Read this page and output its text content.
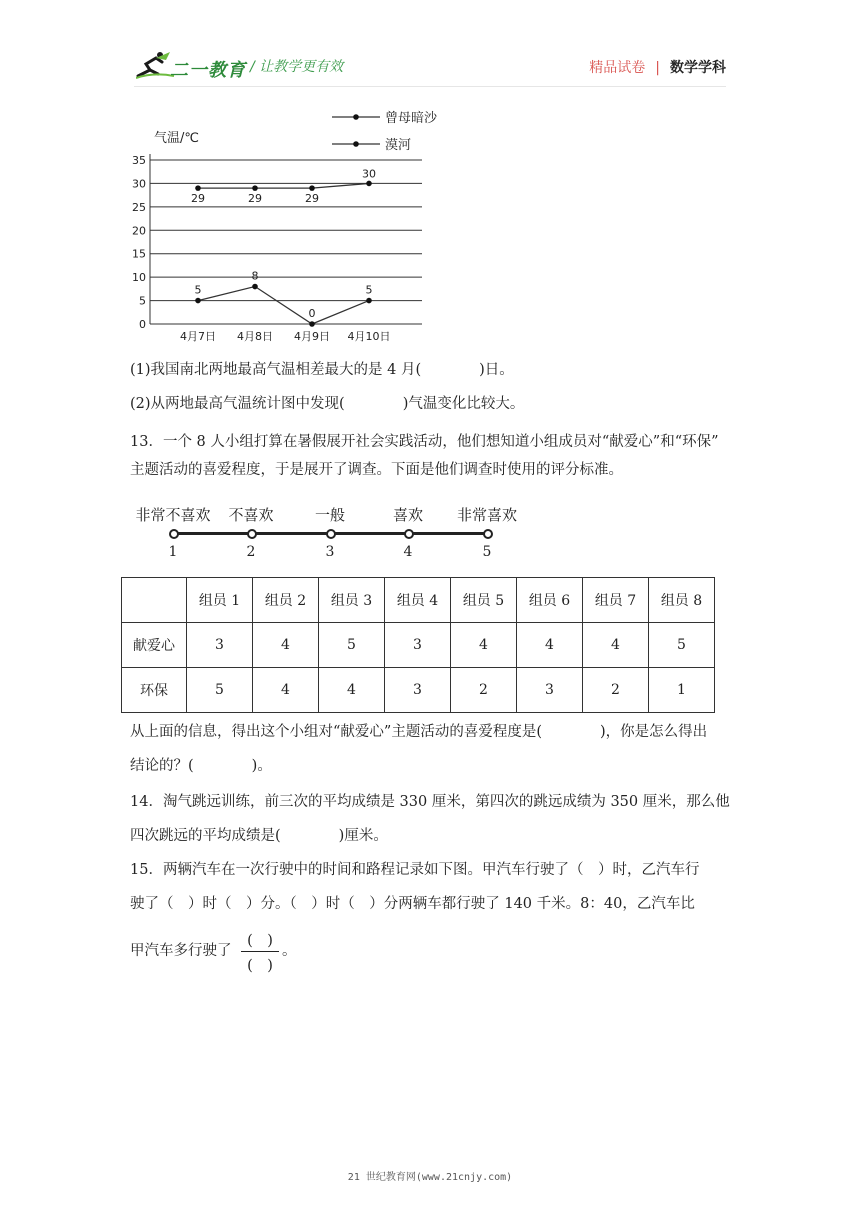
二一教育 / 让教学更有效	精品试卷 | 数学学科
0
5
10
15
20
25
30
35
4月7日 4月8日 4月9日 4月10日
29	29	29
30
5
8
0
5
曾母暗沙
漠河
气温/℃
(1)我国南北两地最高气温相差最大的是 4 月(	)日。
(2)从两地最高气温统计图中发现(	)气温变化比较大。
13．一个 8 人小组打算在暑假展开社会实践活动，他们想知道小组成员对“献爱心”和“环保”
主题活动的喜爱程度，于是展开了调查。下面是他们调查时使用的评分标准。
非常不喜欢
1
不喜欢
2
一般
3
喜欢
4
非常喜欢
5
	组员 1	组员 2	组员 3	组员 4	组员 5	组员 6	组员 7	组员 8
献爱心	3	4	5	3	4	4	4	5
环保	5	4	4	3	2	3	2	1
从上面的信息，得出这个小组对“献爱心”主题活动的喜爱程度是(	)，你是怎么得出
结论的？(	)。
14．淘气跳远训练，前三次的平均成绩是 330 厘米，第四次的跳远成绩为 350 厘米，那么他
四次跳远的平均成绩是(	)厘米。
15．两辆汽车在一次行驶中的时间和路程记录如下图。甲汽车行驶了（　）时，乙汽车行
驶了（　）时（　）分。（　）时（　）分两辆车都行驶了 140 千米。8：40，乙汽车比
甲汽车多行驶了
(　)
(　)
。
21 世纪教育网(www.21cnjy.com)
